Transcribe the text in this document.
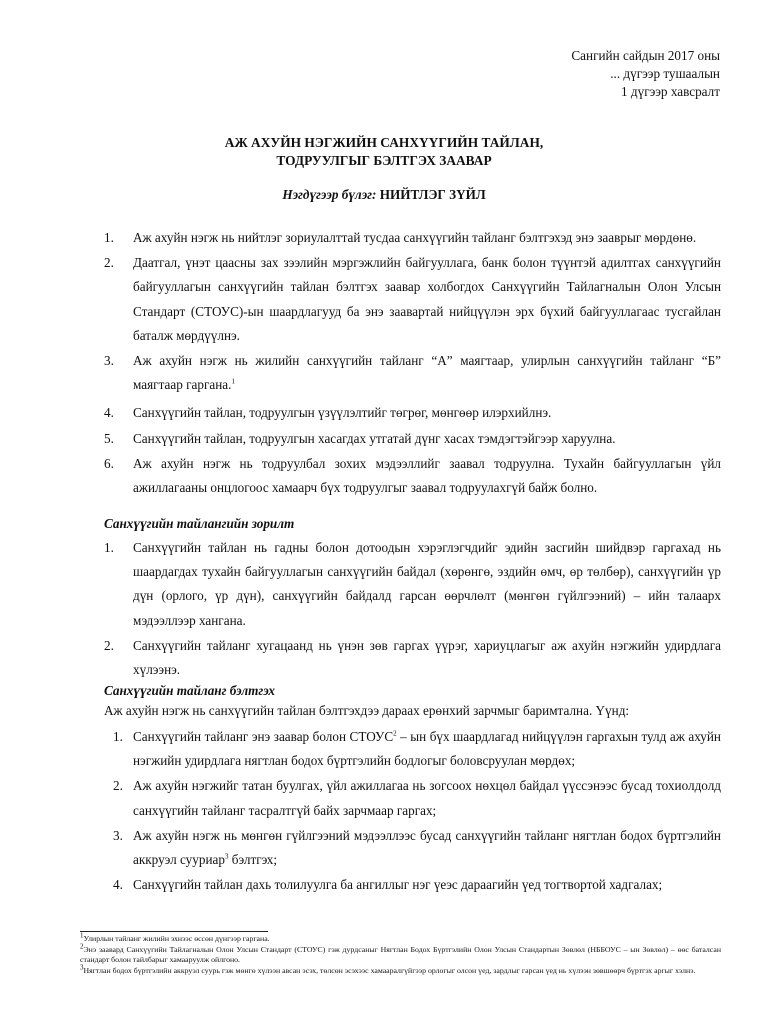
Сангийн сайдын 2017 оны
... дүгээр тушаалын
1 дүгээр хавсралт
АЖ АХУЙН НЭГЖИЙН САНХҮҮГИЙН ТАЙЛАН,
ТОДРУУЛГЫГ БЭЛТГЭХ ЗААВАР
Нэгдүгээр бүлэг: НИЙТЛЭГ ЗҮЙЛ
1. Аж ахуйн нэгж нь нийтлэг зориулалттай тусдаа санхүүгийн тайланг бэлтгэхэд энэ зааврыг мөрдөнө.
2. Даатгал, үнэт цаасны зах зээлийн мэргэжлийн байгууллага, банк болон түүнтэй адилтгах санхүүгийн байгууллагын санхүүгийн тайлан бэлтгэх заавар холбогдох Санхүүгийн Тайлагналын Олон Улсын Стандарт (СТОУС)-ын шаардлагууд ба энэ заавартай нийцүүлэн эрх бүхий байгууллагаас тусгайлан баталж мөрдүүлнэ.
3. Аж ахуйн нэгж нь жилийн санхүүгийн тайланг “А” маягтаар, улирлын санхүүгийн тайланг “Б” маягтаар гаргана.$^1$
4. Санхүүгийн тайлан, тодруулгын үзүүлэлтийг төгрөг, мөнгөөр илэрхийлнэ.
5. Санхүүгийн тайлан, тодруулгын хасагдах утгатай дүнг хасах тэмдэгтэйгээр харуулна.
6. Аж ахуйн нэгж нь тодруулбал зохих мэдээллийг заавал тодруулна. Тухайн байгууллагын үйл ажиллагааны онцлогоос хамаарч бүх тодруулгыг заавал тодруулахгүй байж болно.
Санхүүгийн тайлангийн зорилт
1. Санхүүгийн тайлан нь гадны болон дотоодын хэрэглэгчдийг эдийн засгийн шийдвэр гаргахад нь шаардагдах тухайн байгууллагын санхүүгийн байдал (хөрөнгө, эздийн өмч, өр төлбөр), санхүүгийн үр дүн (орлого, үр дүн), санхүүгийн байдалд гарсан өөрчлөлт (мөнгөн гүйлгээний) – ийн талаарх мэдээллээр хангана.
2. Санхүүгийн тайланг хугацаанд нь үнэн зөв гаргах үүрэг, хариуцлагыг аж ахуйн нэгжийн удирдлага хүлээнэ.
Санхүүгийн тайланг бэлтгэх
Аж ахуйн нэгж нь санхүүгийн тайлан бэлтгэхдээ дараах ерөнхий зарчмыг баримтална. Үүнд:
1. Санхүүгийн тайланг энэ заавар болон СТОУС$^2$ – ын бүх шаардлагад нийцүүлэн гаргахын тулд аж ахуйн нэгжийн удирдлага нягтлан бодох бүртгэлийн бодлогыг боловсруулан мөрдөх;
2. Аж ахуйн нэгжийг татан буулгах, үйл ажиллагаа нь зогсоох нөхцөл байдал үүссэнээс бусад тохиолдолд санхүүгийн тайланг тасралтгүй байх зарчмаар гаргах;
3. Аж ахуйн нэгж нь мөнгөн гүйлгээний мэдээллээс бусад санхүүгийн тайланг нягтлан бодох бүртгэлийн аккруэл сууриар$^3$ бэлтгэх;
4. Санхүүгийн тайлан дахь толилуулга ба ангиллыг нэг үеэс дараагийн үед тогтвортой хадгалах;

$^1$Улирлын тайланг жилийн эхнээс өссөн дүнгээр гаргана.

$^2$Энэ заавард Санхүүгийн Тайлагналын Олон Улсын Стандарт (СТОУС) гэж дурдсаныг Нягтлан Бодох Бүртгэлийн Олон Улсын Стандартын Зөвлөл (НББОУС – ын Зөвлөл) – өөс баталсан стандарт болон тайлбарыг хамааруулж ойлгоно.

$^3$Нягтлан бодох бүртгэлийн аккруэл суурь гэж мөнгө хүлээн авсан эсэх, төлсөн эсэхээс хамааралгүйгээр орлогыг олсон үед, зардлыг гарсан үед нь хүлээн зөвшөөрч бүртгэх аргыг хэлнэ.
